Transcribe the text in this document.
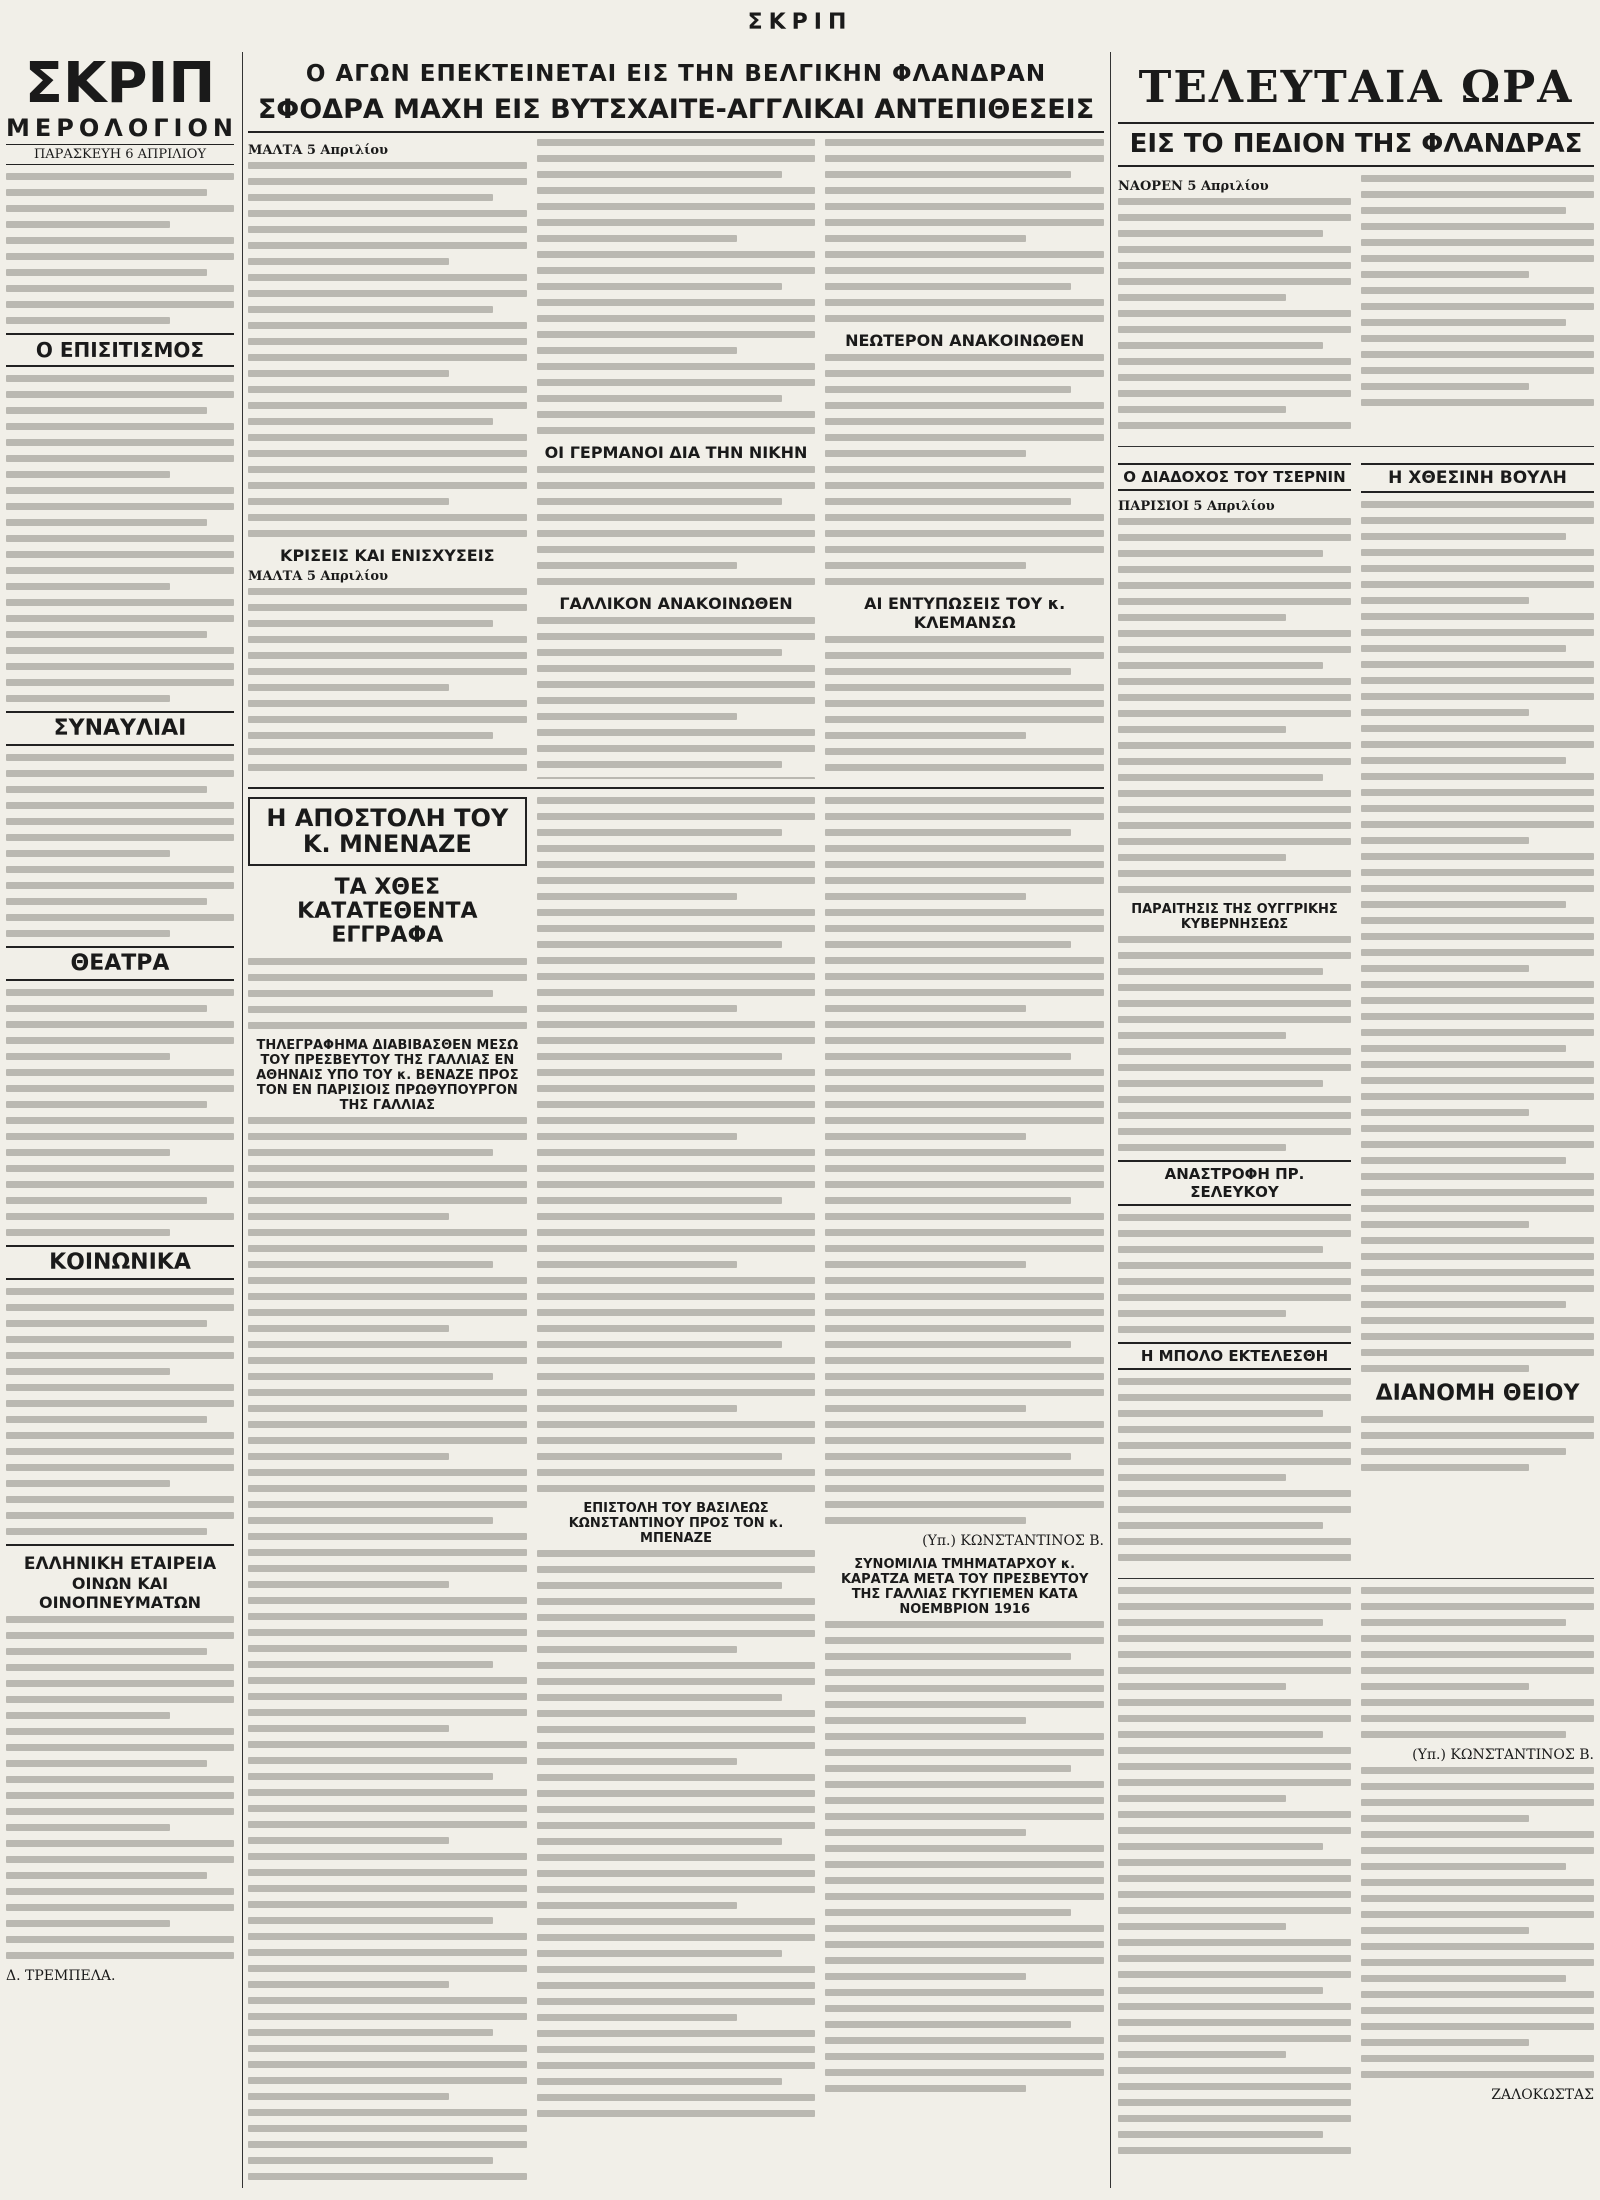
ΣΚΡΙΠ
ΣΚΡΙΠ
ΜΕΡΟΛΟΓΙΟΝ
ΠΑΡΑΣΚΕΥΗ 6 ΑΠΡΙΛΙΟΥ
Ο ΕΠΙΣΙΤΙΣΜΟΣ
ΣΥΝΑΥΛΙΑΙ
ΘΕΑΤΡΑ
ΚΟΙΝΩΝΙΚΑ
ΕΛΛΗΝΙΚΗ ΕΤΑΙΡΕΙΑ
ΟΙΝΩΝ ΚΑΙ ΟΙΝΟΠΝΕΥΜΑΤΩΝ
Δ. ΤΡΕΜΠΕΛΑ.
Ο ΑΓΩΝ ΕΠΕΚΤΕΙΝΕΤΑΙ ΕΙΣ ΤΗΝ ΒΕΛΓΙΚΗΝ ΦΛΑΝΔΡΑΝ
ΣΦΟΔΡΑ ΜΑΧΗ ΕΙΣ ΒΥΤΣΧΑΙΤΕ-ΑΓΓΛΙΚΑΙ ΑΝΤΕΠΙΘΕΣΕΙΣ
ΜΑΛΤΑ 5 Απριλίου
ΚΡΙΣΕΙΣ ΚΑΙ ΕΝΙΣΧΥΣΕΙΣ
ΜΑΛΤΑ 5 Απριλίου
ΟΙ ΓΕΡΜΑΝΟΙ ΔΙΑ ΤΗΝ ΝΙΚΗΝ
ΓΑΛΛΙΚΟΝ ΑΝΑΚΟΙΝΩΘΕΝ
ΝΕΩΤΕΡΟΝ ΑΝΑΚΟΙΝΩΘΕΝ
ΑΙ ΕΝΤΥΠΩΣΕΙΣ ΤΟΥ κ. ΚΛΕΜΑΝΣΩ
Η ΑΠΟΣΤΟΛΗ ΤΟΥ Κ. ΜΝΕΝΑΖΕ
ΤΑ ΧΘΕΣ ΚΑΤΑΤΕΘΕΝΤΑ ΕΓΓΡΑΦΑ
ΤΗΛΕΓΡΑΦΗΜΑ ΔΙΑΒΙΒΑΣΘΕΝ ΜΕΣΩ ΤΟΥ ΠΡΕΣΒΕΥΤΟΥ ΤΗΣ ΓΑΛΛΙΑΣ ΕΝ ΑΘΗΝΑΙΣ ΥΠΟ ΤΟΥ κ. ΒΕΝΑΖΕ ΠΡΟΣ ΤΟΝ ΕΝ ΠΑΡΙΣΙΟΙΣ ΠΡΩΘΥΠΟΥΡΓΟΝ ΤΗΣ ΓΑΛΛΙΑΣ
ΕΠΙΣΤΟΛΗ ΤΟΥ ΒΑΣΙΛΕΩΣ ΚΩΝΣΤΑΝΤΙΝΟΥ ΠΡΟΣ ΤΟΝ κ. ΜΠΕΝΑΖΕ	(Υπ.) ΚΩΝΣΤΑΝΤΙΝΟΣ Β.
ΣΥΝΟΜΙΛΙΑ ΤΜΗΜΑΤΑΡΧΟΥ κ. ΚΑΡΑΤΖΑ ΜΕΤΑ ΤΟΥ ΠΡΕΣΒΕΥΤΟΥ ΤΗΣ ΓΑΛΛΙΑΣ ΓΚΥΓΙΕΜΕΝ ΚΑΤΑ ΝΟΕΜΒΡΙΟΝ 1916
ΤΕΛΕΥΤΑΙΑ ΩΡΑ
ΕΙΣ ΤΟ ΠΕΔΙΟΝ ΤΗΣ ΦΛΑΝΔΡΑΣ
ΝΑΟΡΕΝ 5 Απριλίου
Ο ΔΙΑΔΟΧΟΣ ΤΟΥ ΤΣΕΡΝΙΝ
ΠΑΡΙΣΙΟΙ 5 Απριλίου
ΠΑΡΑΙΤΗΣΙΣ ΤΗΣ ΟΥΓΓΡΙΚΗΣ ΚΥΒΕΡΝΗΣΕΩΣ
ΑΝΑΣΤΡΟΦΗ ΠΡ. ΣΕΛΕΥΚΟΥ
Η ΜΠΟΛΟ ΕΚΤΕΛΕΣΘΗ
Η ΧΘΕΣΙΝΗ ΒΟΥΛΗ
ΔΙΑΝΟΜΗ ΘΕΙΟΥ
(Υπ.) ΚΩΝΣΤΑΝΤΙΝΟΣ Β.
ΖΑΛΟΚΩΣΤΑΣ
